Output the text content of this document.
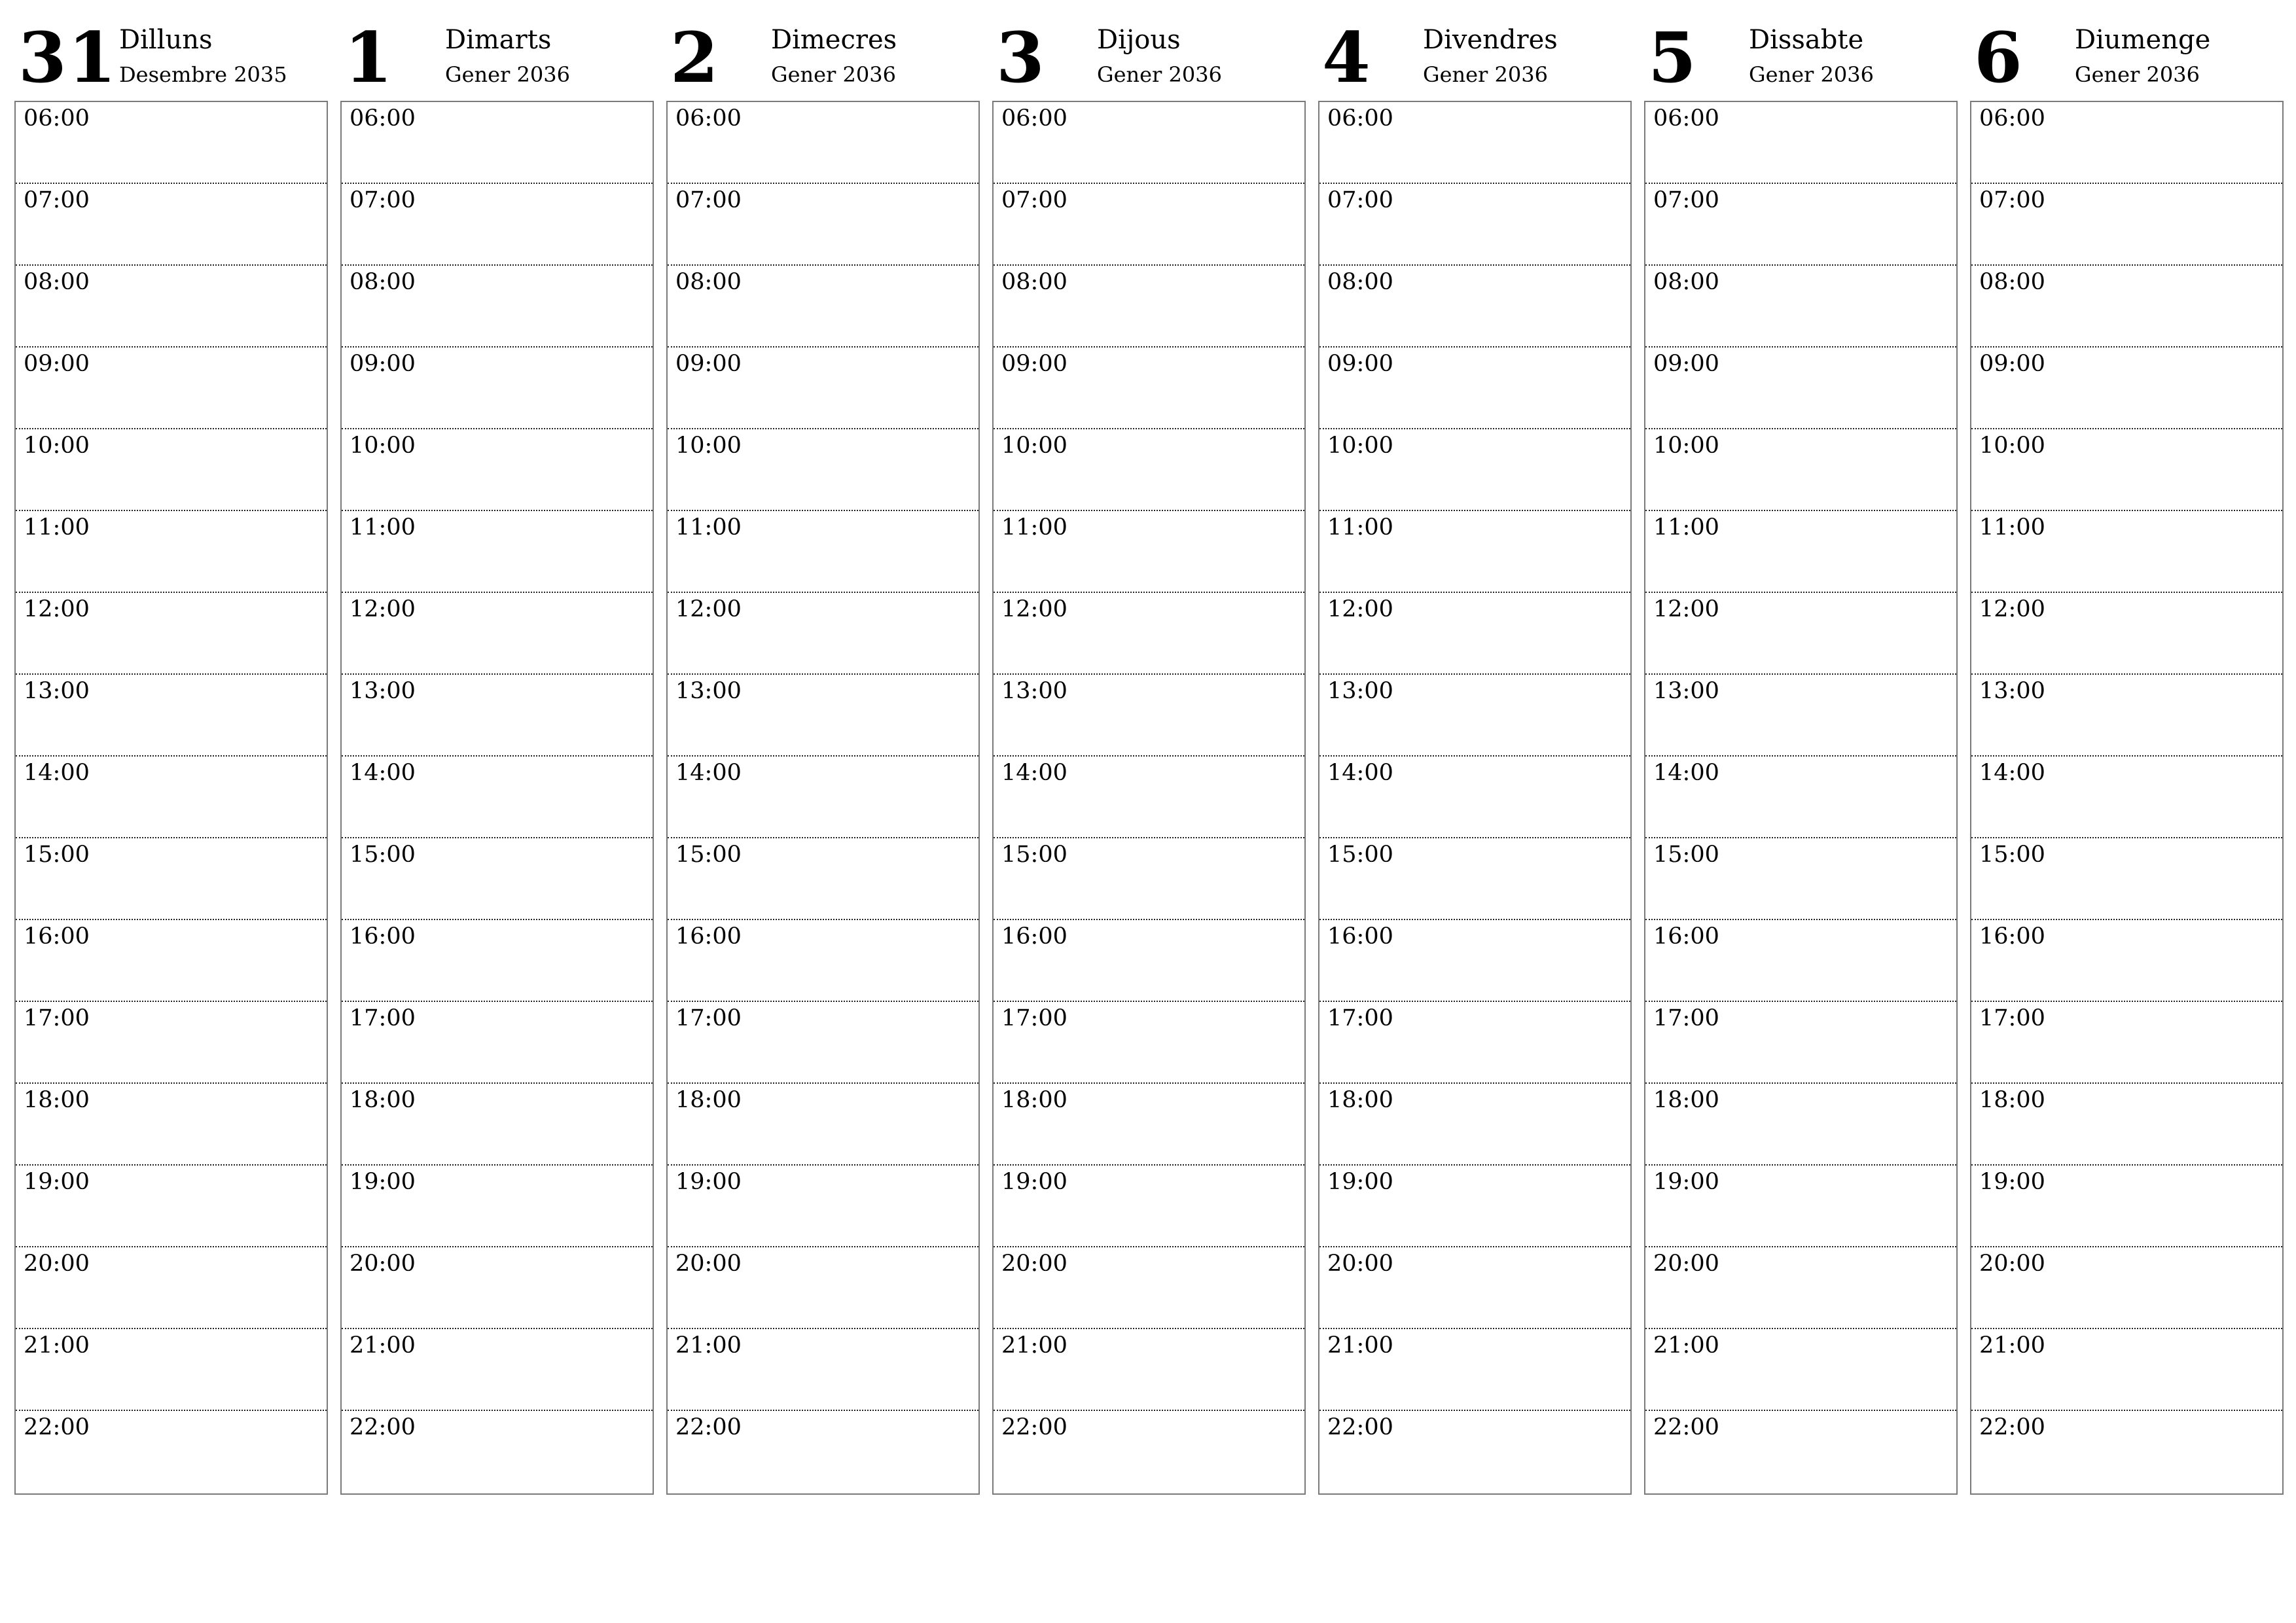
31 Dilluns
Desembre 2035
06:00
07:00
08:00
09:00
10:00
11:00
12:00
13:00
14:00
15:00
16:00
17:00
18:00
19:00
20:00
21:00
22:00
1 Dimarts
Gener 2036
06:00
07:00
08:00
09:00
10:00
11:00
12:00
13:00
14:00
15:00
16:00
17:00
18:00
19:00
20:00
21:00
22:00
2 Dimecres
Gener 2036
06:00
07:00
08:00
09:00
10:00
11:00
12:00
13:00
14:00
15:00
16:00
17:00
18:00
19:00
20:00
21:00
22:00
3 Dijous
Gener 2036
06:00
07:00
08:00
09:00
10:00
11:00
12:00
13:00
14:00
15:00
16:00
17:00
18:00
19:00
20:00
21:00
22:00
4 Divendres
Gener 2036
06:00
07:00
08:00
09:00
10:00
11:00
12:00
13:00
14:00
15:00
16:00
17:00
18:00
19:00
20:00
21:00
22:00
5 Dissabte
Gener 2036
06:00
07:00
08:00
09:00
10:00
11:00
12:00
13:00
14:00
15:00
16:00
17:00
18:00
19:00
20:00
21:00
22:00
6 Diumenge
Gener 2036
06:00
07:00
08:00
09:00
10:00
11:00
12:00
13:00
14:00
15:00
16:00
17:00
18:00
19:00
20:00
21:00
22:00
